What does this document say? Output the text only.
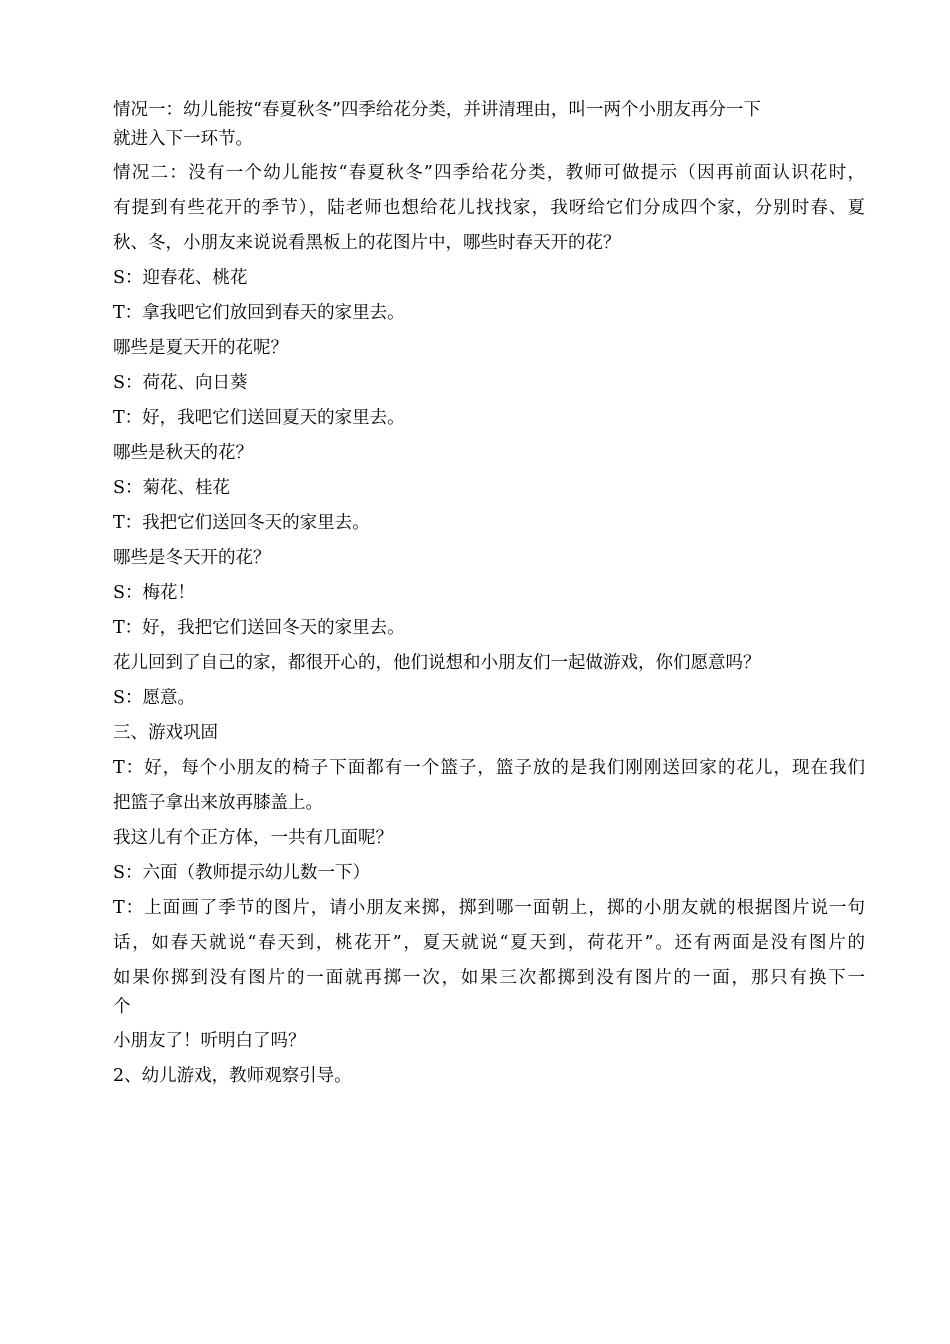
情况一：幼儿能按“春夏秋冬”四季给花分类，并讲清理由，叫一两个小朋友再分一下

就进入下一环节。

情况二：没有一个幼儿能按“春夏秋冬”四季给花分类，教师可做提示（因再前面认识花时，

有提到有些花开的季节），陆老师也想给花儿找找家，我呀给它们分成四个家，分别时春、夏

秋、冬，小朋友来说说看黑板上的花图片中，哪些时春天开的花？

S：迎春花、桃花

T：拿我吧它们放回到春天的家里去。

哪些是夏天开的花呢？

S：荷花、向日葵

T：好，我吧它们送回夏天的家里去。

哪些是秋天的花？

S：菊花、桂花

T：我把它们送回冬天的家里去。

哪些是冬天开的花？

S：梅花！

T：好，我把它们送回冬天的家里去。

花儿回到了自己的家，都很开心的，他们说想和小朋友们一起做游戏，你们愿意吗？

S：愿意。

三、游戏巩固

T：好，每个小朋友的椅子下面都有一个篮子，篮子放的是我们刚刚送回家的花儿，现在我们

把篮子拿出来放再膝盖上。

我这儿有个正方体，一共有几面呢？

S：六面（教师提示幼儿数一下）

T：上面画了季节的图片，请小朋友来掷，掷到哪一面朝上，掷的小朋友就的根据图片说一句

话，如春天就说“春天到，桃花开”，夏天就说“夏天到，荷花开”。还有两面是没有图片的

如果你掷到没有图片的一面就再掷一次，如果三次都掷到没有图片的一面，那只有换下一

个

小朋友了！听明白了吗？

2、幼儿游戏，教师观察引导。
